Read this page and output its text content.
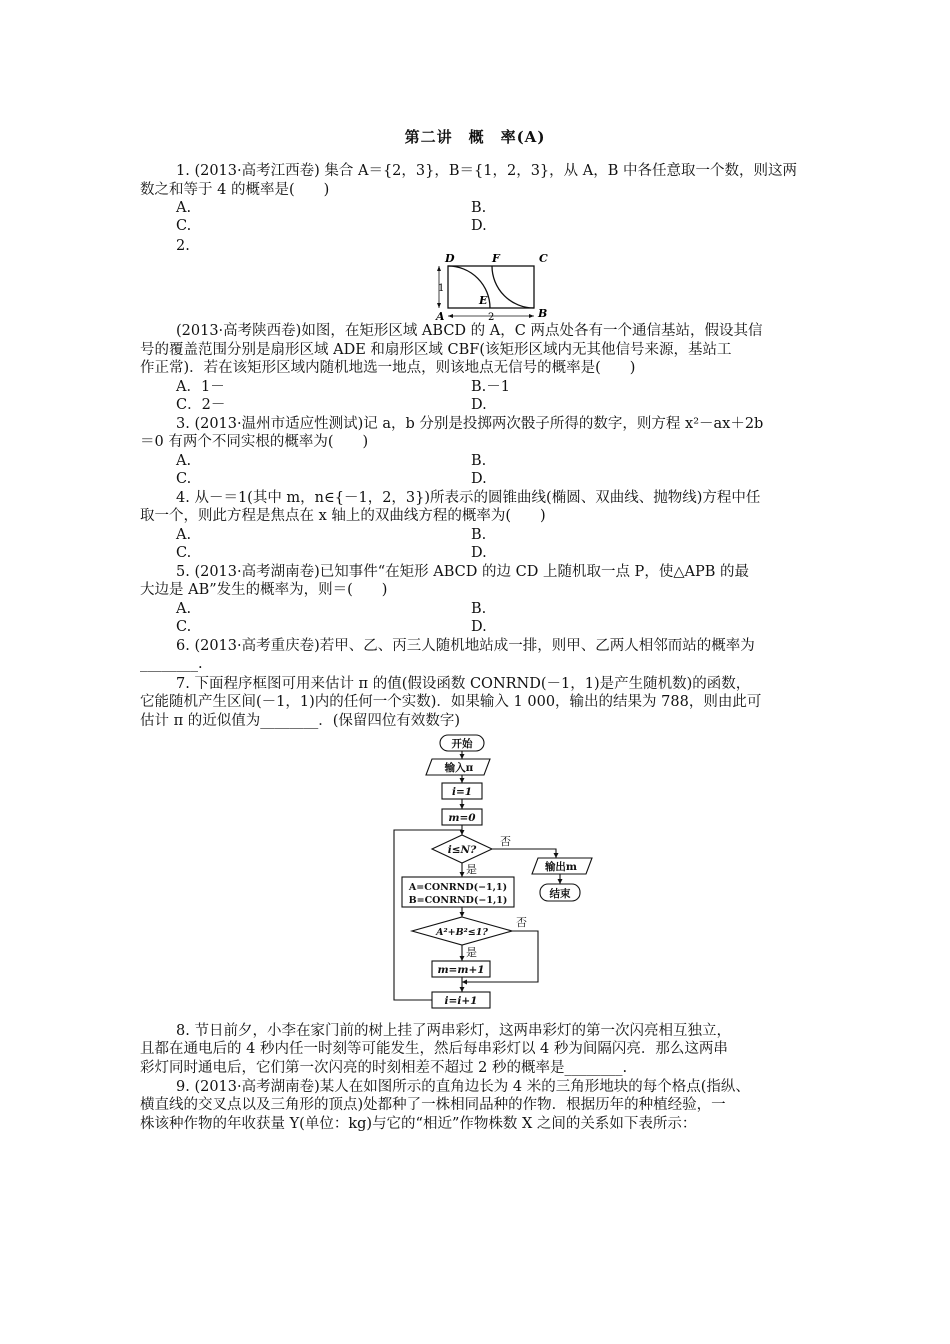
第二讲　概　率(A)
1. (2013·高考江西卷) 集合 A＝{2，3}，B＝{1，2，3}，从 A，B 中各任意取一个数，则这两
数之和等于 4 的概率是(　　)
A.	B.
C.	D.
2.
D	F	C
1
E
A	2	B
(2013·高考陕西卷)如图，在矩形区域 ABCD 的 A，C 两点处各有一个通信基站，假设其信
号的覆盖范围分别是扇形区域 ADE 和扇形区域 CBF(该矩形区域内无其他信号来源，基站工
作正常)．若在该矩形区域内随机地选一地点，则该地点无信号的概率是(　　)
A．1－	B.－1
C．2－	D.
3. (2013·温州市适应性测试)记 a，b 分别是投掷两次骰子所得的数字，则方程 x²－ax＋2b
＝0 有两个不同实根的概率为(　　)
A.	B.
C.	D.
4. 从－＝1(其中 m，n∈{－1，2，3})所表示的圆锥曲线(椭圆、双曲线、抛物线)方程中任
取一个，则此方程是焦点在 x 轴上的双曲线方程的概率为(　　)
A.	B.
C.	D.
5. (2013·高考湖南卷)已知事件“在矩形 ABCD 的边 CD 上随机取一点 P，使△APB 的最
大边是 AB”发生的概率为，则＝(　　)
A.	B.
C.	D.
6. (2013·高考重庆卷)若甲、乙、丙三人随机地站成一排，则甲、乙两人相邻而站的概率为
________.
7. 下面程序框图可用来估计 π 的值(假设函数 CONRND(－1，1)是产生随机数)的函数，
它能随机产生区间(－1，1)内的任何一个实数)．如果输入 1 000，输出的结果为 788，则由此可
估计 π 的近似值为________．(保留四位有效数字)
开始
输入π
i=1
m=0
i≤N?
输出m
结束
A=CONRND(−1,1)
B=CONRND(−1,1)
A²+B²≤1?
m=m+1
i=i+1
否
是
否
是
8. 节日前夕，小李在家门前的树上挂了两串彩灯，这两串彩灯的第一次闪亮相互独立，
且都在通电后的 4 秒内任一时刻等可能发生，然后每串彩灯以 4 秒为间隔闪亮．那么这两串
彩灯同时通电后，它们第一次闪亮的时刻相差不超过 2 秒的概率是________.
9. (2013·高考湖南卷)某人在如图所示的直角边长为 4 米的三角形地块的每个格点(指纵、
横直线的交叉点以及三角形的顶点)处都种了一株相同品种的作物．根据历年的种植经验，一
株该种作物的年收获量 Y(单位：kg)与它的“相近”作物株数 X 之间的关系如下表所示：
